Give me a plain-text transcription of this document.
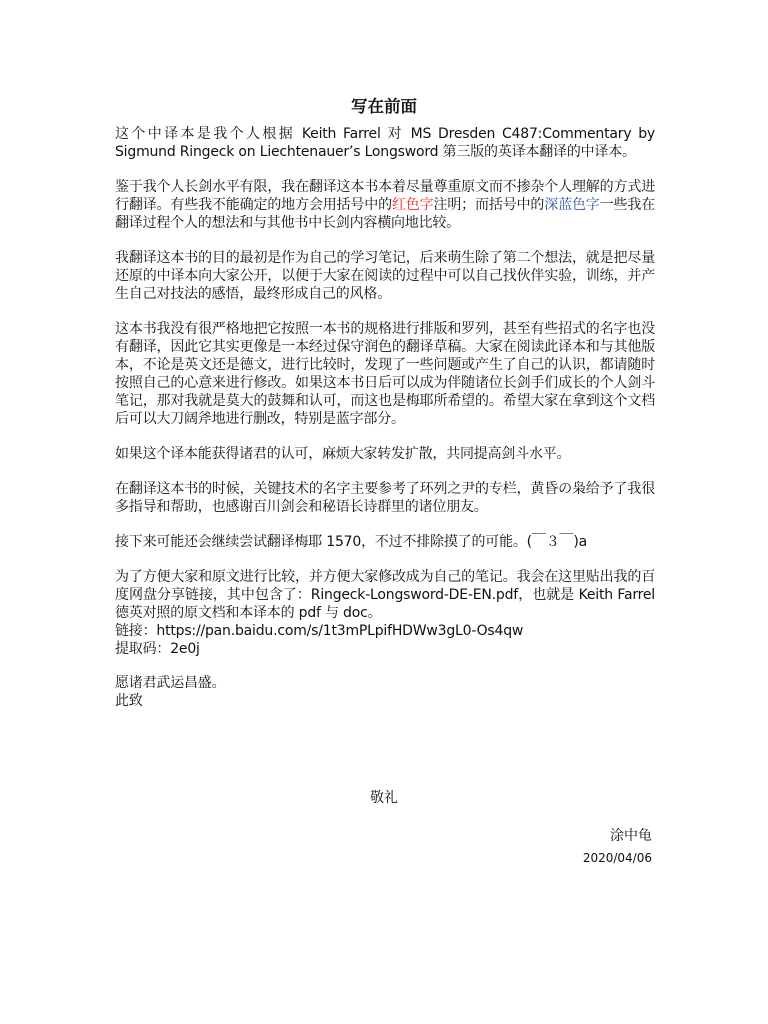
写在前面

这个中译本是我个人根据 Keith Farrel 对 MS Dresden C487:Commentary by Sigmund Ringeck on Liechtenauer’s Longsword 第三版的英译本翻译的中译本。

鉴于我个人长剑水平有限，我在翻译这本书本着尽量尊重原文而不掺杂个人理解的方式进行翻译。有些我不能确定的地方会用括号中的红色字注明；而括号中的深蓝色字一些我在翻译过程个人的想法和与其他书中长剑内容横向地比较。

我翻译这本书的目的最初是作为自己的学习笔记，后来萌生除了第二个想法，就是把尽量还原的中译本向大家公开，以便于大家在阅读的过程中可以自己找伙伴实验，训练，并产生自己对技法的感悟，最终形成自己的风格。

这本书我没有很严格地把它按照一本书的规格进行排版和罗列，甚至有些招式的名字也没有翻译，因此它其实更像是一本经过保守润色的翻译草稿。大家在阅读此译本和与其他版本，不论是英文还是德文，进行比较时，发现了一些问题或产生了自己的认识，都请随时按照自己的心意来进行修改。如果这本书日后可以成为伴随诸位长剑手们成长的个人剑斗笔记，那对我就是莫大的鼓舞和认可，而这也是梅耶所希望的。希望大家在拿到这个文档后可以大刀阔斧地进行删改，特别是蓝字部分。

如果这个译本能获得诸君的认可，麻烦大家转发扩散，共同提高剑斗水平。

在翻译这本书的时候，关键技术的名字主要参考了环列之尹的专栏，黄昏の枭给予了我很多指导和帮助，也感谢百川剑会和秘语长诗群里的诸位朋友。

接下来可能还会继续尝试翻译梅耶 1570，不过不排除摸了的可能。(￣３￣)a

为了方便大家和原文进行比较，并方便大家修改成为自己的笔记。我会在这里贴出我的百度网盘分享链接，其中包含了：Ringeck-Longsword-DE-EN.pdf，也就是 Keith Farrel 德英对照的原文档和本译本的 pdf 与 doc。

链接：https://pan.baidu.com/s/1t3mPLpifHDWw3gL0-Os4qw

提取码：2e0j

愿诸君武运昌盛。

此致

敬礼
涂中龟
2020/04/06
